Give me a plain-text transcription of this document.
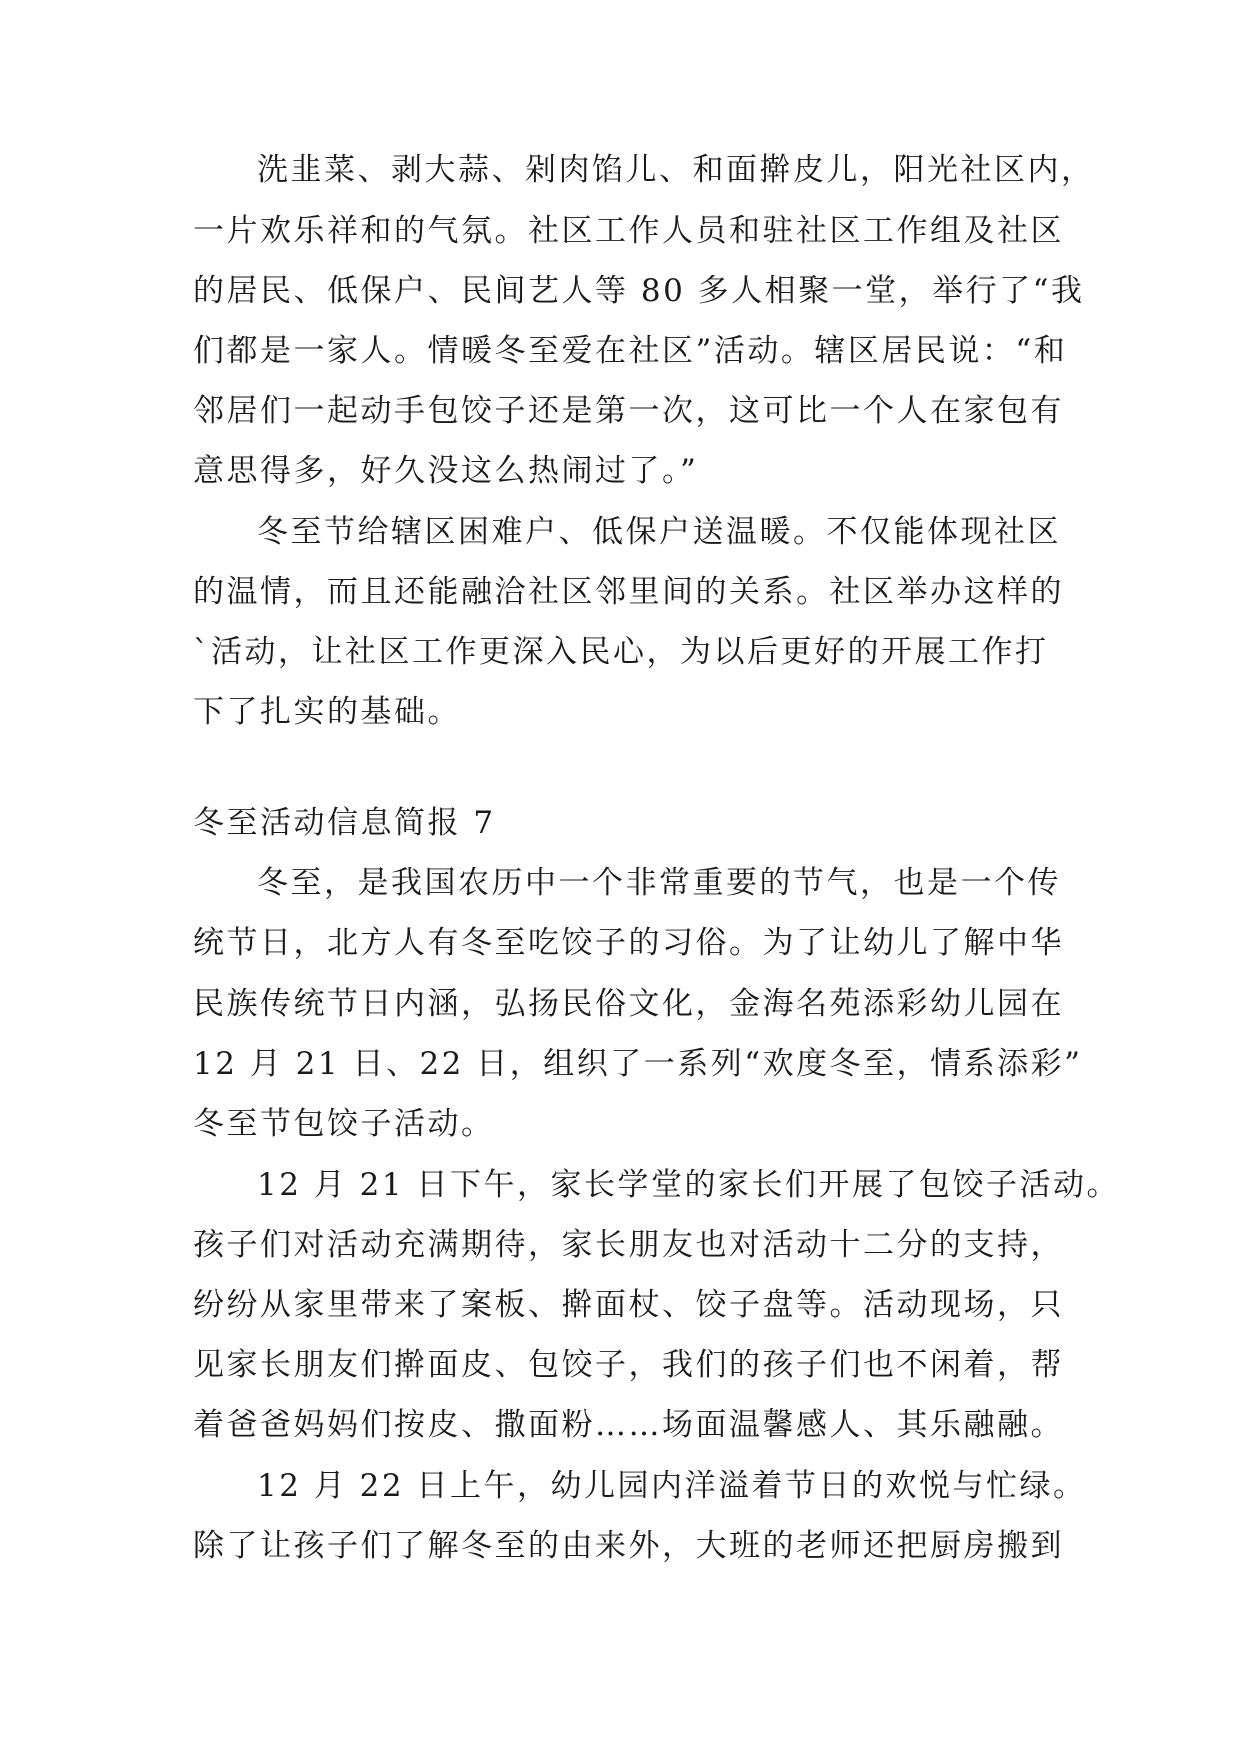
洗韭菜、剥大蒜、剁肉馅儿、和面擀皮儿，阳光社区内，
一片欢乐祥和的气氛。社区工作人员和驻社区工作组及社区
的居民、低保户、民间艺人等 80 多人相聚一堂，举行了“我
们都是一家人。情暖冬至爱在社区”活动。辖区居民说：“和
邻居们一起动手包饺子还是第一次，这可比一个人在家包有
意思得多，好久没这么热闹过了。”
冬至节给辖区困难户、低保户送温暖。不仅能体现社区
的温情，而且还能融洽社区邻里间的关系。社区举办这样的
`活动，让社区工作更深入民心，为以后更好的开展工作打
下了扎实的基础。
冬至活动信息简报 7
冬至，是我国农历中一个非常重要的节气，也是一个传
统节日，北方人有冬至吃饺子的习俗。为了让幼儿了解中华
民族传统节日内涵，弘扬民俗文化，金海名苑添彩幼儿园在
12 月 21 日、22 日，组织了一系列“欢度冬至，情系添彩”
冬至节包饺子活动。
12 月 21 日下午，家长学堂的家长们开展了包饺子活动。
孩子们对活动充满期待，家长朋友也对活动十二分的支持，
纷纷从家里带来了案板、擀面杖、饺子盘等。活动现场，只
见家长朋友们擀面皮、包饺子，我们的孩子们也不闲着，帮
着爸爸妈妈们按皮、撒面粉……场面温馨感人、其乐融融。
12 月 22 日上午，幼儿园内洋溢着节日的欢悦与忙绿。
除了让孩子们了解冬至的由来外，大班的老师还把厨房搬到
